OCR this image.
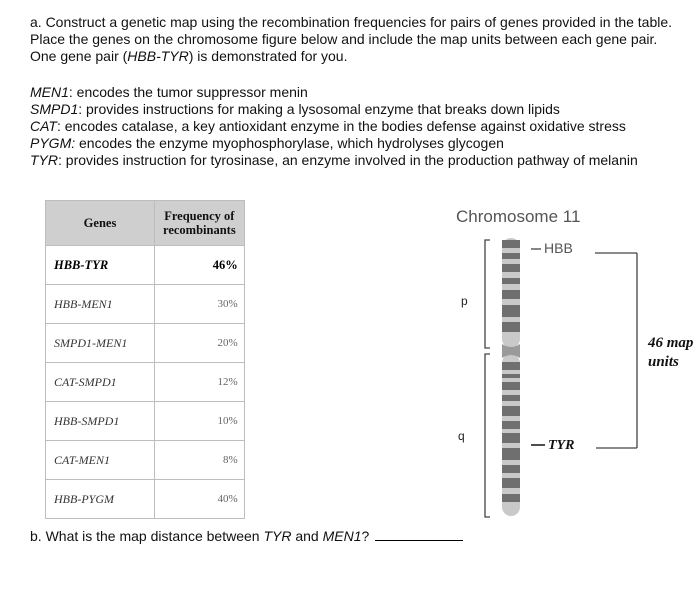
a. Construct a genetic map using the recombination frequencies for pairs of genes provided in the table.
Place the genes on the chromosome figure below and include the map units between each gene pair.
One gene pair (HBB-TYR) is demonstrated for you.
MEN1: encodes the tumor suppressor menin
SMPD1: provides instructions for making a lysosomal enzyme that breaks down lipids
CAT: encodes catalase, a key antioxidant enzyme in the bodies defense against oxidative stress
PYGM: encodes the enzyme myophosphorylase, which hydrolyses glycogen
TYR: provides instruction for tyrosinase, an enzyme involved in the production pathway of melanin
Genes	Frequency of
recombinants
HBB-TYR	46%
HBB-MEN1	30%
SMPD1-MEN1	20%
CAT-SMPD1	12%
HBB-SMPD1	10%
CAT-MEN1	8%
HBB-PYGM	40%
Chromosome 11
p
q
HBB
TYR
46 map
units
b. What is the map distance between TYR and MEN1?
